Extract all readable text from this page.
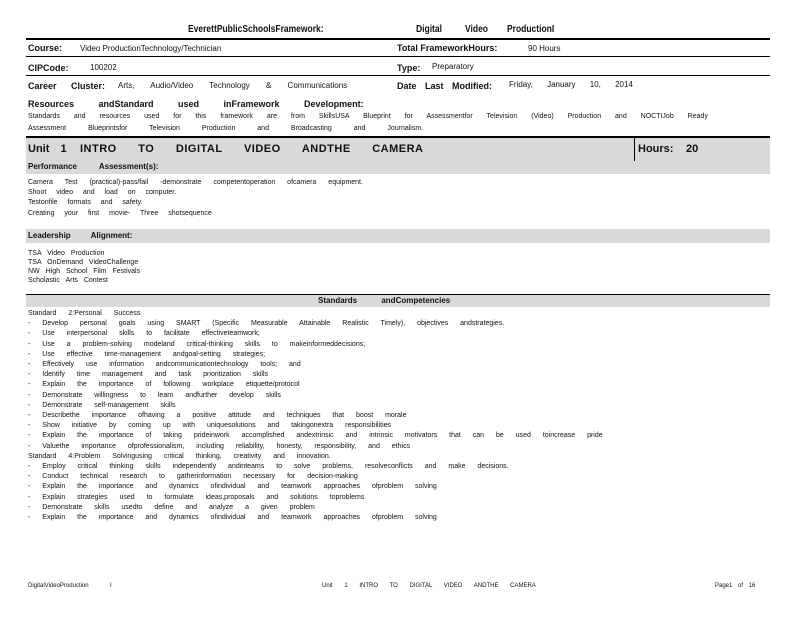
EverettPublicSchoolsFramework:	Digital Video ProductionI
Course: Video ProductionTechnology/Technician	Total FrameworkHours:	90 Hours
CIPCode:	100202	Type: Preparatory
Career Cluster: Arts, Audio/Video Technology & Communications	Date Last Modified: Friday, January 10, 2014
Resources andStandard used inFramework Development:
Standards and resources used for this framework are from SkillsUSA Blueprint for Assessmentfor Television (Video) Production and NOCTIJob Ready
Assessment Blueprintsfor Television Production and Broadcasting and Journalism.
Unit 1 INTRO TO DIGITAL VIDEO ANDTHE CAMERA	Hours: 20
Performance Assessment(s):
Camera Test (practical)-pass/fail -demonstrate competentoperation ofcamera equipment.
Shoot video and load on computer.
Testonfile formats and safety.
Creating your first movie- Three shotsequence
Leadership Alignment:
TSA Video Production
TSA OnDemand VideoChallenge
NW High School Film Festivals
Scholastic Arts Contest
Standards andCompetencies
Standard 2:Personal Success
- Develop personal goals using SMART (Specific Measurable Attainable Realistic Timely), objectives andstrategies.
- Use interpersonal skills to facilitate effectiveteamwork;
- Use a problem-solving modeland critical-thinking skills to makeinformeddecisions;
- Use effective time-management andgoal-setting strategies;
- Effectively use information andcommunicationtechnology tools; and
- Identify time management and task prioritization skills
- Explain the importance of following workplace etiquette/protocol
- Demonstrate willingness to learn andfurther develop skills
- Demonstrate self-management skills
- Describethe importance ofhaving a positive attitude and techniques that boost morale
- Show initiative by coming up with uniquesolutions and takingonextra responsibilities
- Explain the importance of taking prideinwork accomplished andextrinsic and intrinsic motivators that can be used toincrease pride
- Valuethe importance ofprofessionalism, including reliability, honesty, responsibility, and ethics
Standard 4:Problem Solvingusing critical thinking, creativity and innovation.
- Employ critical thinking skills independently andinteams to solve problems, resolveconflicts and make decisions.
- Conduct technical research to gatherinformation necessary for decision-making
- Explain the importance and dynamics ofindividual and teamwork approaches ofproblem solving
- Explain strategies used to formulate ideas,proposals and solutions toproblems
- Demonstrate skills usedto define and analyze a given problem
- Explain the importance and dynamics ofindividual and teamwork approaches ofproblem solving
DigitalVideoProduction	I	Unit 1 INTRO TO DIGITAL VIDEO ANDTHE CAMERA	Page1 of 16
